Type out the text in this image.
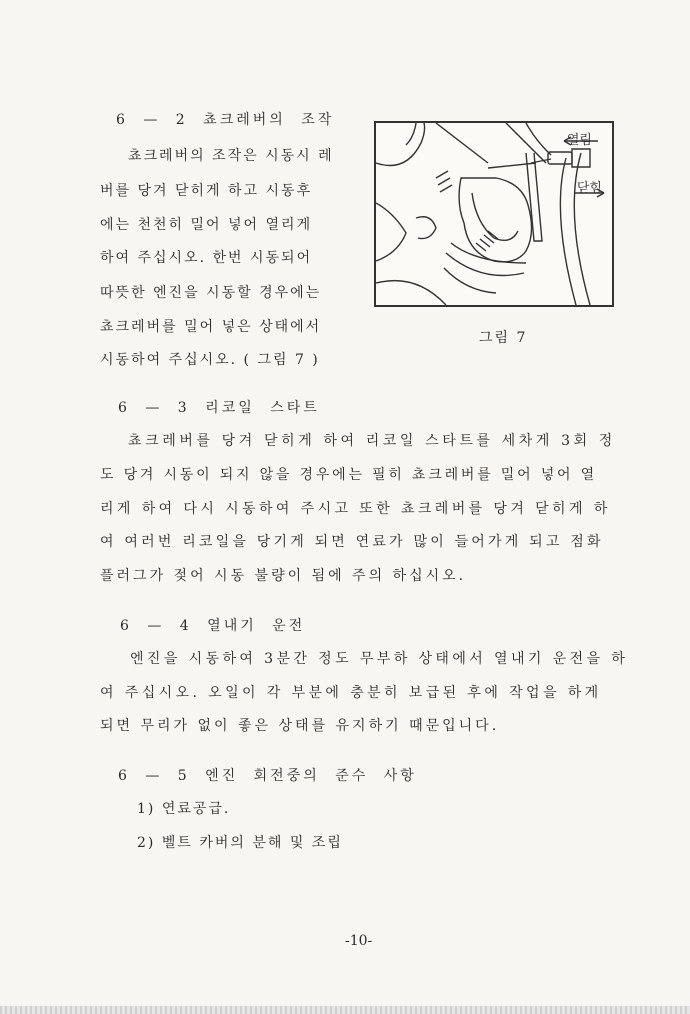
6 — 2 쵸크레버의 조작
쵸크레버의 조작은 시동시 레
버를 당겨 닫히게 하고 시동후
에는 천천히 밀어 넣어 열리게
하여 주십시오. 한번 시동되어
따뜻한 엔진을 시동할 경우에는
쵸크레버를 밀어 넣은 상태에서
시동하여 주십시오. ( 그림 7 )
열림
닫힘
그림 7
6 — 3 리코일 스타트
쵸크레버를 당겨 닫히게 하여 리코일 스타트를 세차게 3회 정
도 당겨 시동이 되지 않을 경우에는 필히 쵸크레버를 밀어 넣어 열
리게 하여 다시 시동하여 주시고 또한 쵸크레버를 당겨 닫히게 하
여 여러번 리코일을 당기게 되면 연료가 많이 들어가게 되고 점화
플러그가 젖어 시동 불량이 됨에 주의 하십시오.
6 — 4 열내기 운전
엔진을 시동하여 3분간 정도 무부하 상태에서 열내기 운전을 하
여 주십시오. 오일이 각 부분에 충분히 보급된 후에 작업을 하게
되면 무리가 없이 좋은 상태를 유지하기 때문입니다.
6 — 5 엔진 회전중의 준수 사항
1) 연료공급.
2) 벨트 카버의 분해 및 조립
-10-
